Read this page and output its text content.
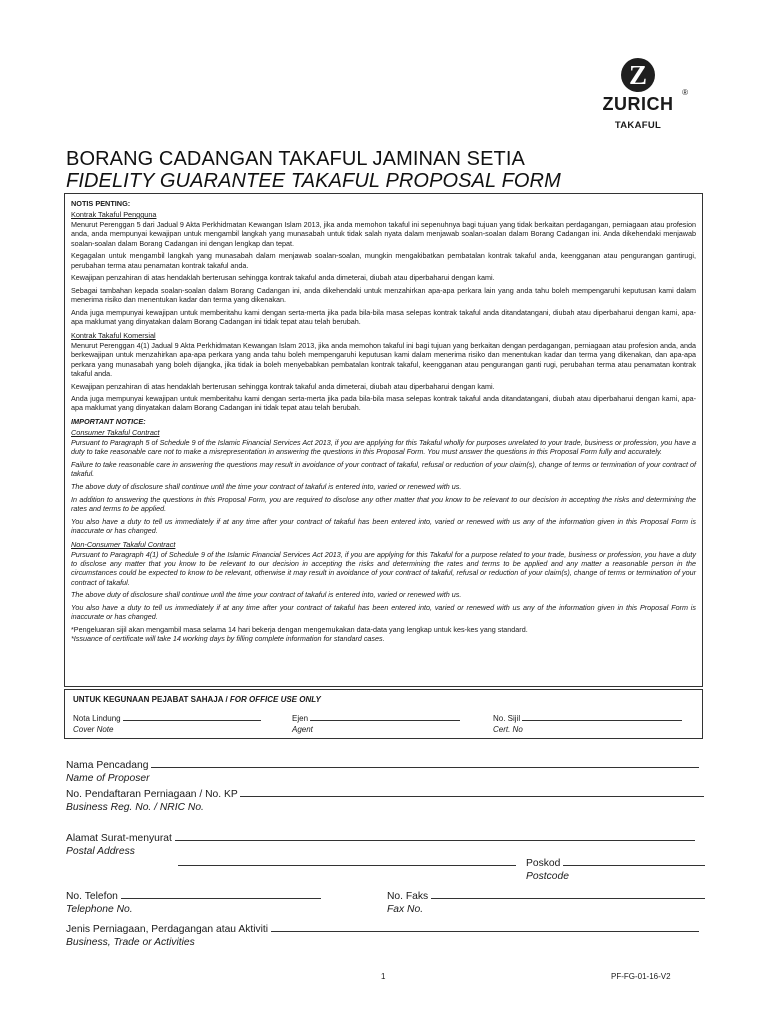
Z
ZURICH
®
TAKAFUL
BORANG CADANGAN TAKAFUL JAMINAN SETIA
FIDELITY GUARANTEE TAKAFUL PROPOSAL FORM
NOTIS PENTING:
Kontrak Takaful Pengguna

Menurut Perenggan 5 dari Jadual 9 Akta Perkhidmatan Kewangan Islam 2013, jika anda memohon takaful ini sepenuhnya bagi tujuan yang tidak berkaitan perdagangan, perniagaan atau profesion anda, anda mempunyai kewajipan untuk mengambil langkah yang munasabah untuk tidak salah nyata dalam menjawab soalan-soalan dalam Borang Cadangan ini. Anda dikehendaki menjawab soalan-soalan dalam Borang Cadangan ini dengan lengkap dan tepat.

Kegagalan untuk mengambil langkah yang munasabah dalam menjawab soalan-soalan, mungkin mengakibatkan pembatalan kontrak takaful anda, keengganan atau pengurangan gantirugi, perubahan terma atau penamatan kontrak takaful anda.

Kewajipan penzahiran di atas hendaklah berterusan sehingga kontrak takaful anda dimeterai, diubah atau diperbaharui dengan kami.

Sebagai tambahan kepada soalan-soalan dalam Borang Cadangan ini, anda dikehendaki untuk menzahirkan apa-apa perkara lain yang anda tahu boleh mempengaruhi keputusan kami dalam menerima risiko dan menentukan kadar dan terma yang dikenakan.

Anda juga mempunyai kewajipan untuk memberitahu kami dengan serta-merta jika pada bila-bila masa selepas kontrak takaful anda ditandatangani, diubah atau diperbaharui dengan kami, apa-apa maklumat yang dinyatakan dalam Borang Cadangan ini tidak tepat atau telah berubah.

Kontrak Takaful Komersial

Menurut Perenggan 4(1) Jadual 9 Akta Perkhidmatan Kewangan Islam 2013, jika anda memohon takaful ini bagi tujuan yang berkaitan dengan perdagangan, perniagaan atau profesion anda, anda berkewajipan untuk menzahirkan apa-apa perkara yang anda tahu boleh mempengaruhi keputusan kami dalam menerima risiko dan menentukan kadar dan terma yang dikenakan, dan apa-apa perkara yang munasabah yang boleh dijangka, jika tidak ia boleh menyebabkan pembatalan kontrak takaful, keengganan atau pengurangan ganti rugi, perubahan terma atau penamatan kontrak takaful anda.

Kewajipan penzahiran di atas hendaklah berterusan sehingga kontrak takaful anda dimeterai, diubah atau diperbaharui dengan kami.

Anda juga mempunyai kewajipan untuk memberitahu kami dengan serta-merta jika pada bila-bila masa selepas kontrak takaful anda ditandatangani, diubah atau diperbaharui dengan kami, apa-apa maklumat yang dinyatakan dalam Borang Cadangan ini tidak tepat atau telah berubah.

IMPORTANT NOTICE:
Consumer Takaful Contract

Pursuant to Paragraph 5 of Schedule 9 of the Islamic Financial Services Act 2013, if you are applying for this Takaful wholly for purposes unrelated to your trade, business or profession, you have a duty to take reasonable care not to make a misrepresentation in answering the questions in this Proposal Form. You must answer the questions in this Proposal Form fully and accurately.

Failure to take reasonable care in answering the questions may result in avoidance of your contract of takaful, refusal or reduction of your claim(s), change of terms or termination of your contract of takaful.

The above duty of disclosure shall continue until the time your contract of takaful is entered into, varied or renewed with us.

In addition to answering the questions in this Proposal Form, you are required to disclose any other matter that you know to be relevant to our decision in accepting the risks and determining the rates and terms to be applied.

You also have a duty to tell us immediately if at any time after your contract of takaful has been entered into, varied or renewed with us any of the information given in this Proposal Form is inaccurate or has changed.

Non-Consumer Takaful Contract

Pursuant to Paragraph 4(1) of Schedule 9 of the Islamic Financial Services Act 2013, if you are applying for this Takaful for a purpose related to your trade, business or profession, you have a duty to disclose any matter that you know to be relevant to our decision in accepting the risks and determining the rates and terms to be applied and any matter a reasonable person in the circumstances could be expected to know to be relevant, otherwise it may result in avoidance of your contract of takaful, refusal or reduction of your claim(s), change of terms or termination of your contract of takaful.

The above duty of disclosure shall continue until the time your contract of takaful is entered into, varied or renewed with us.

You also have a duty to tell us immediately if at any time after your contract of takaful has been entered into, varied or renewed with us any of the information given in this Proposal Form is inaccurate or has changed.

*Pengeluaran sijil akan mengambil masa selama 14 hari bekerja dengan mengemukakan data-data yang lengkap untuk kes-kes yang standard.

*Issuance of certificate will take 14 working days by filling complete information for standard cases.

UNTUK KEGUNAAN PEJABAT SAHAJA / FOR OFFICE USE ONLY
Nota Lindung
Cover Note
Ejen
Agent
No. Sijil
Cert. No
Nama Pencadang
Name of Proposer
No. Pendaftaran Perniagaan / No. KP
Business Reg. No. / NRIC No.
Alamat Surat-menyurat
Postal Address
Poskod
Postcode
No. Telefon
Telephone No.
No. Faks
Fax No.
Jenis Perniagaan, Perdagangan atau Aktiviti
Business, Trade or Activities
1	PF-FG-01-16-V2
